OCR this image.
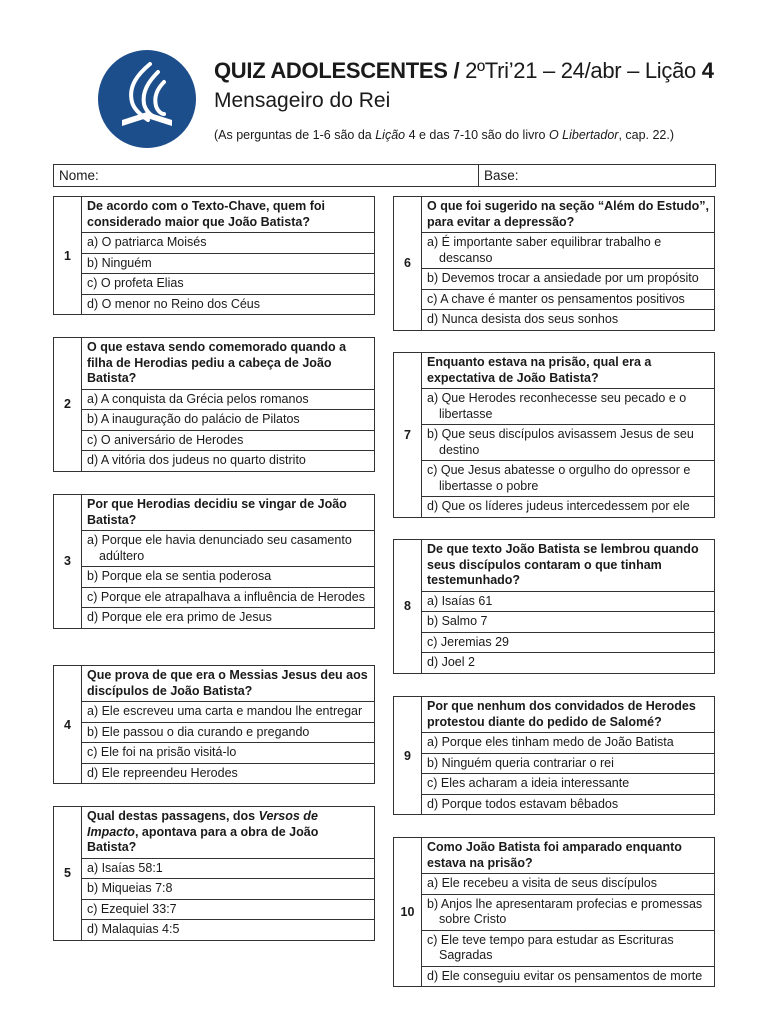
QUIZ ADOLESCENTES / 2ºTri’21 – 24/abr – Lição 4
Mensageiro do Rei
(As perguntas de 1-6 são da Lição 4 e das 7-10 são do livro O Libertador, cap. 22.)
Nome:	Base:
1
De acordo com o Texto-Chave, quem foi considerado maior que João Batista?
a) O patriarca Moisés
b) Ninguém
c) O profeta Elias
d) O menor no Reino dos Céus
2
O que estava sendo comemorado quando a filha de Herodias pediu a cabeça de João Batista?
a) A conquista da Grécia pelos romanos
b) A inauguração do palácio de Pilatos
c) O aniversário de Herodes
d) A vitória dos judeus no quarto distrito
3
Por que Herodias decidiu se vingar de João Batista?
a) Porque ele havia denunciado seu casamento adúltero
b) Porque ela se sentia poderosa
c) Porque ele atrapalhava a influência de Herodes
d) Porque ele era primo de Jesus
4
Que prova de que era o Messias Jesus deu aos discípulos de João Batista?
a) Ele escreveu uma carta e mandou lhe entregar
b) Ele passou o dia curando e pregando
c) Ele foi na prisão visitá-lo
d) Ele repreendeu Herodes
5
Qual destas passagens, dos Versos de Impacto, apontava para a obra de João Batista?
a) Isaías 58:1
b) Miqueias 7:8
c) Ezequiel 33:7
d) Malaquias 4:5
6
O que foi sugerido na seção “Além do Estudo”, para evitar a depressão?
a) É importante saber equilibrar trabalho e descanso
b) Devemos trocar a ansiedade por um propósito
c) A chave é manter os pensamentos positivos
d) Nunca desista dos seus sonhos
7
Enquanto estava na prisão, qual era a expectativa de João Batista?
a) Que Herodes reconhecesse seu pecado e o libertasse
b) Que seus discípulos avisassem Jesus de seu destino
c) Que Jesus abatesse o orgulho do opressor e libertasse o pobre
d) Que os líderes judeus intercedessem por ele
8
De que texto João Batista se lembrou quando seus discípulos contaram o que tinham testemunhado?
a) Isaías 61
b) Salmo 7
c) Jeremias 29
d) Joel 2
9
Por que nenhum dos convidados de Herodes protestou diante do pedido de Salomé?
a) Porque eles tinham medo de João Batista
b) Ninguém queria contrariar o rei
c) Eles acharam a ideia interessante
d) Porque todos estavam bêbados
10
Como João Batista foi amparado enquanto estava na prisão?
a) Ele recebeu a visita de seus discípulos
b) Anjos lhe apresentaram profecias e promessas sobre Cristo
c) Ele teve tempo para estudar as Escrituras Sagradas
d) Ele conseguiu evitar os pensamentos de morte
